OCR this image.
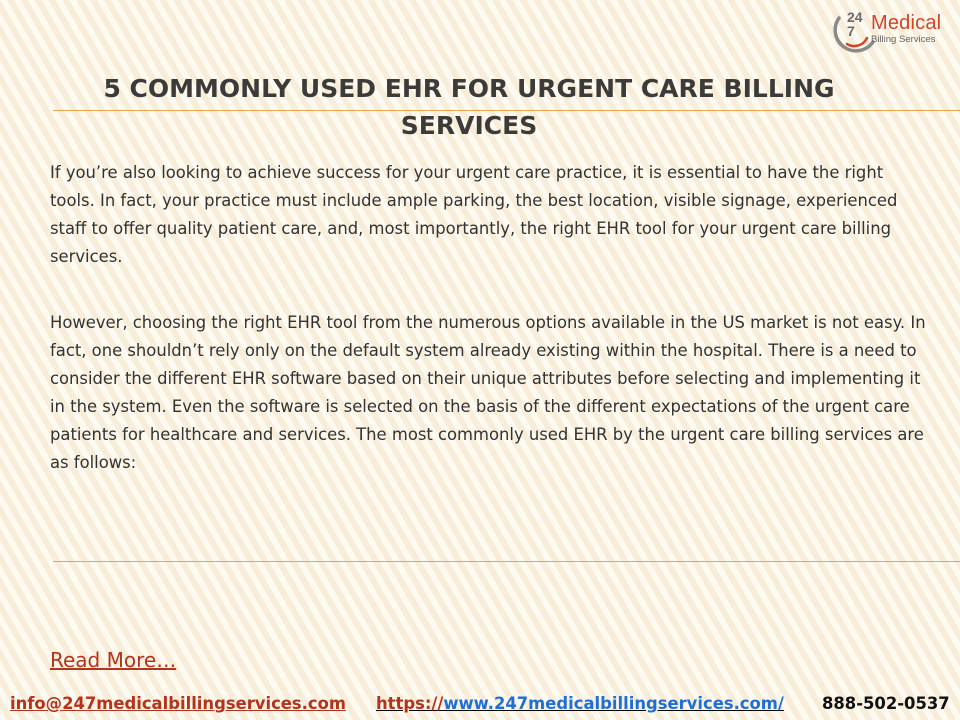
24
7 Medical
Billing Services
5 COMMONLY USED EHR FOR URGENT CARE BILLING SERVICES

If you’re also looking to achieve success for your urgent care practice, it is essential to have the right tools. In fact, your practice must include ample parking, the best location, visible signage, experienced staff to offer quality patient care, and, most importantly, the right EHR tool for your urgent care billing services.

However, choosing the right EHR tool from the numerous options available in the US market is not easy. In fact, one shouldn’t rely only on the default system already existing within the hospital. There is a need to consider the different EHR software based on their unique attributes before selecting and implementing it in the system. Even the software is selected on the basis of the different expectations of the urgent care patients for healthcare and services. The most commonly used EHR by the urgent care billing services are as follows:

Read More…
info@247medicalbillingservices.com https://www.247medicalbillingservices.com/ 888-502-0537
